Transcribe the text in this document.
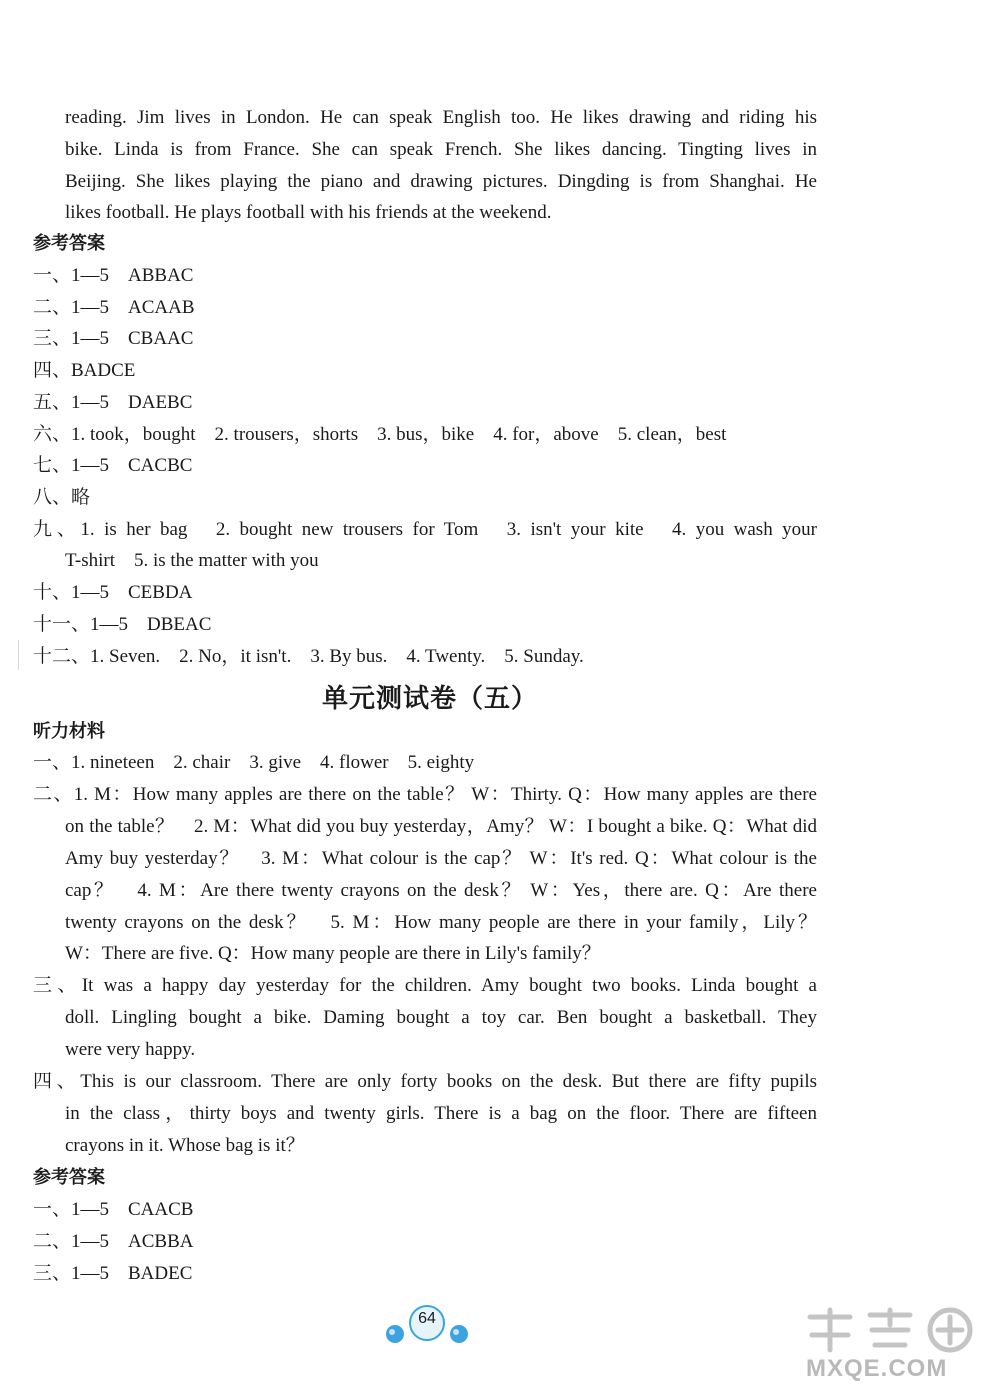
reading. Jim lives in London. He can speak English too. He likes drawing and riding his
bike. Linda is from France. She can speak French. She likes dancing. Tingting lives in
Beijing. She likes playing the piano and drawing pictures. Dingding is from Shanghai. He
likes football. He plays football with his friends at the weekend.
参考答案
一、1—5　ABBAC
二、1—5　ACAAB
三、1—5　CBAAC
四、BADCE
五、1—5　DAEBC
六、1. took，bought　2. trousers，shorts　3. bus，bike　4. for，above　5. clean，best
七、1—5　CACBC
八、略
九、1. is her bag　2. bought new trousers for Tom　3. isn't your kite　4. you wash your
T-shirt　5. is the matter with you
十、1—5　CEBDA
十一、1—5　DBEAC
十二、1. Seven.　2. No，it isn't.　3. By bus.　4. Twenty.　5. Sunday.
单元测试卷（五）
听力材料
一、1. nineteen　2. chair　3. give　4. flower　5. eighty
二、1. M：How many apples are there on the table？ W：Thirty. Q：How many apples are there
on the table？　2. M：What did you buy yesterday，Amy？ W：I bought a bike. Q：What did
Amy buy yesterday？　3. M：What colour is the cap？ W：It's red. Q：What colour is the
cap？　4. M：Are there twenty crayons on the desk？ W：Yes，there are. Q：Are there
twenty crayons on the desk？　5. M：How many people are there in your family，Lily？
W：There are five. Q：How many people are there in Lily's family？
三、It was a happy day yesterday for the children. Amy bought two books. Linda bought a
doll. Lingling bought a bike. Daming bought a toy car. Ben bought a basketball. They
were very happy.
四、This is our classroom. There are only forty books on the desk. But there are fifty pupils
in the class，thirty boys and twenty girls. There is a bag on the floor. There are fifteen
crayons in it. Whose bag is it？
参考答案
一、1—5　CAACB
二、1—5　ACBBA
三、1—5　BADEC
64
MXQE.COM
